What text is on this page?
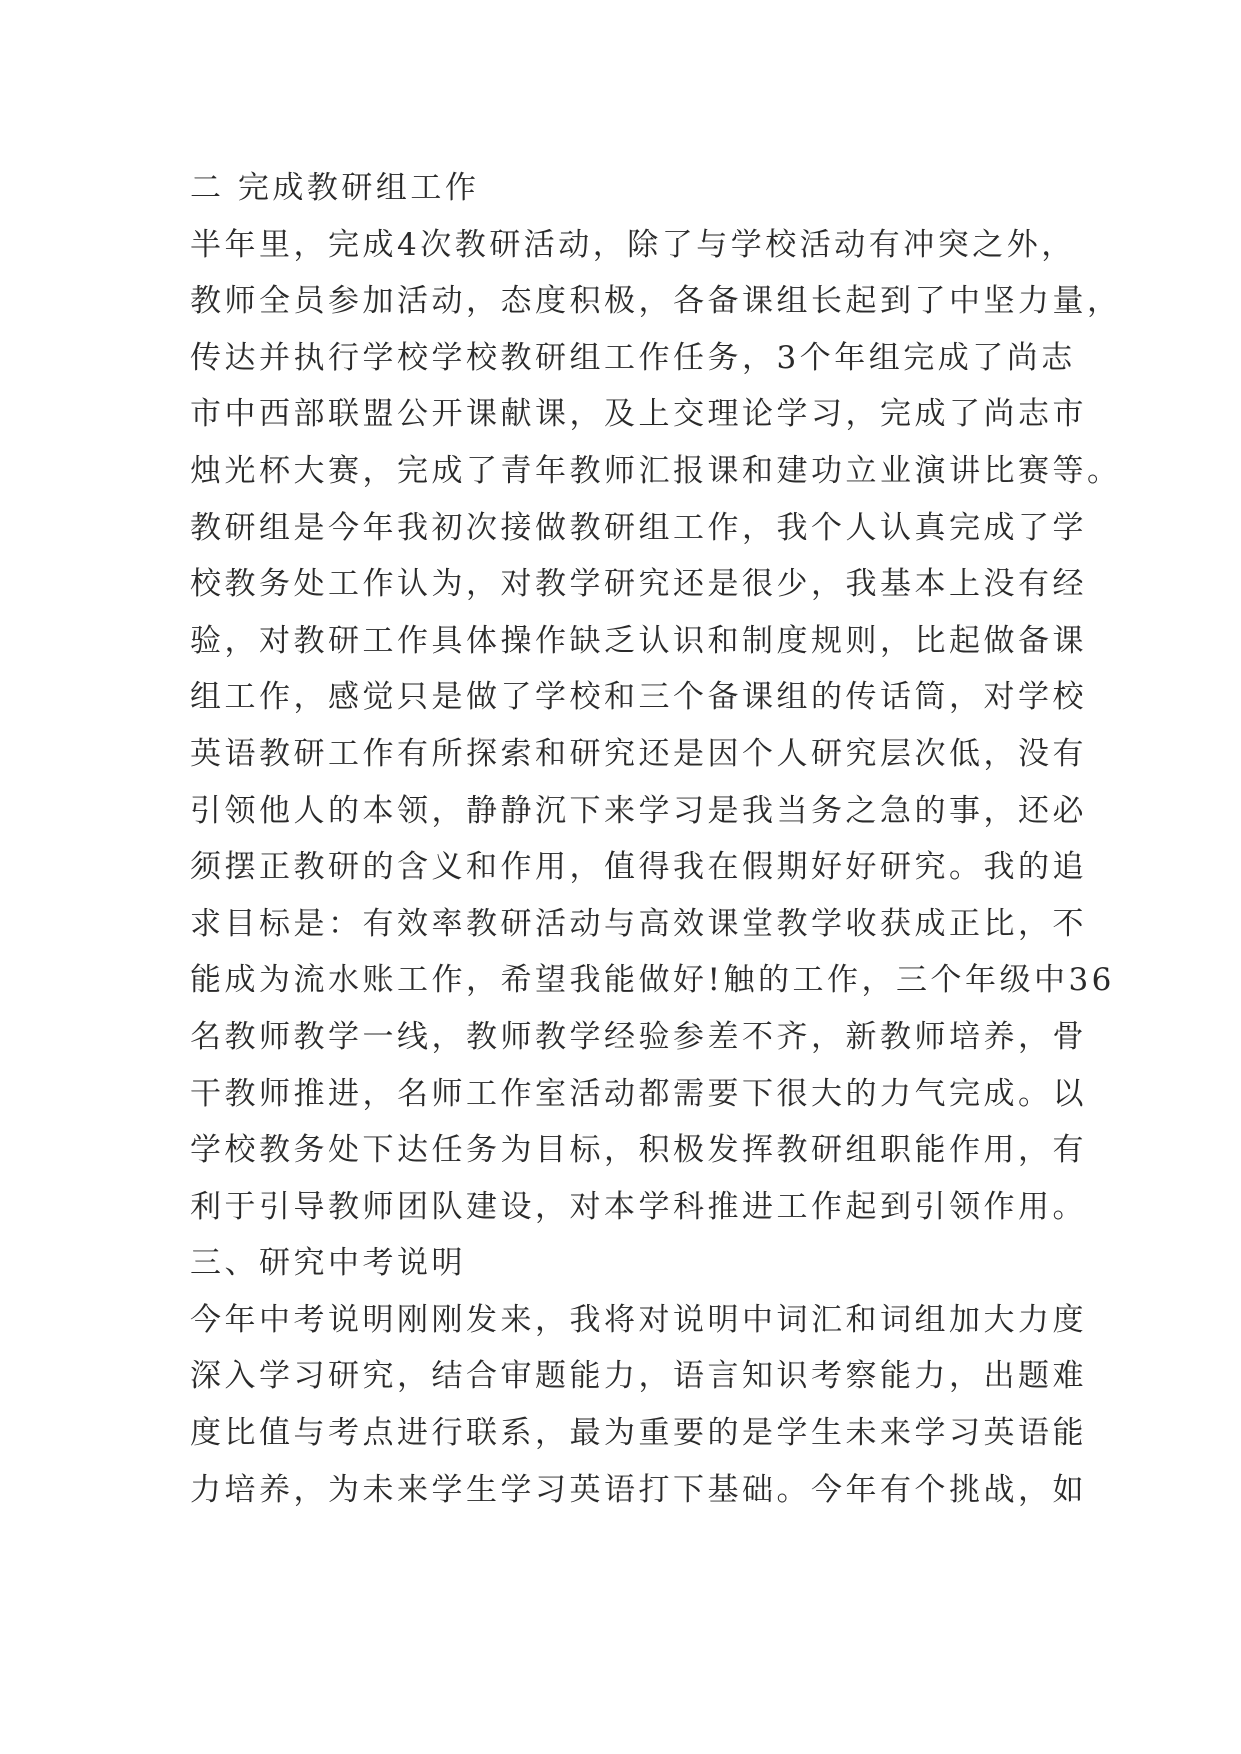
二 完成教研组工作
半年里，完成4次教研活动，除了与学校活动有冲突之外，
教师全员参加活动，态度积极，各备课组长起到了中坚力量，
传达并执行学校学校教研组工作任务，3个年组完成了尚志
市中西部联盟公开课献课，及上交理论学习，完成了尚志市
烛光杯大赛，完成了青年教师汇报课和建功立业演讲比赛等。
教研组是今年我初次接做教研组工作，我个人认真完成了学
校教务处工作认为，对教学研究还是很少，我基本上没有经
验，对教研工作具体操作缺乏认识和制度规则，比起做备课
组工作，感觉只是做了学校和三个备课组的传话筒，对学校
英语教研工作有所探索和研究还是因个人研究层次低，没有
引领他人的本领，静静沉下来学习是我当务之急的事，还必
须摆正教研的含义和作用，值得我在假期好好研究。我的追
求目标是：有效率教研活动与高效课堂教学收获成正比，不
能成为流水账工作，希望我能做好!触的工作，三个年级中36
名教师教学一线，教师教学经验参差不齐，新教师培养，骨
干教师推进，名师工作室活动都需要下很大的力气完成。以
学校教务处下达任务为目标，积极发挥教研组职能作用，有
利于引导教师团队建设，对本学科推进工作起到引领作用。
三、研究中考说明
今年中考说明刚刚发来，我将对说明中词汇和词组加大力度
深入学习研究，结合审题能力，语言知识考察能力，出题难
度比值与考点进行联系，最为重要的是学生未来学习英语能
力培养，为未来学生学习英语打下基础。今年有个挑战，如
